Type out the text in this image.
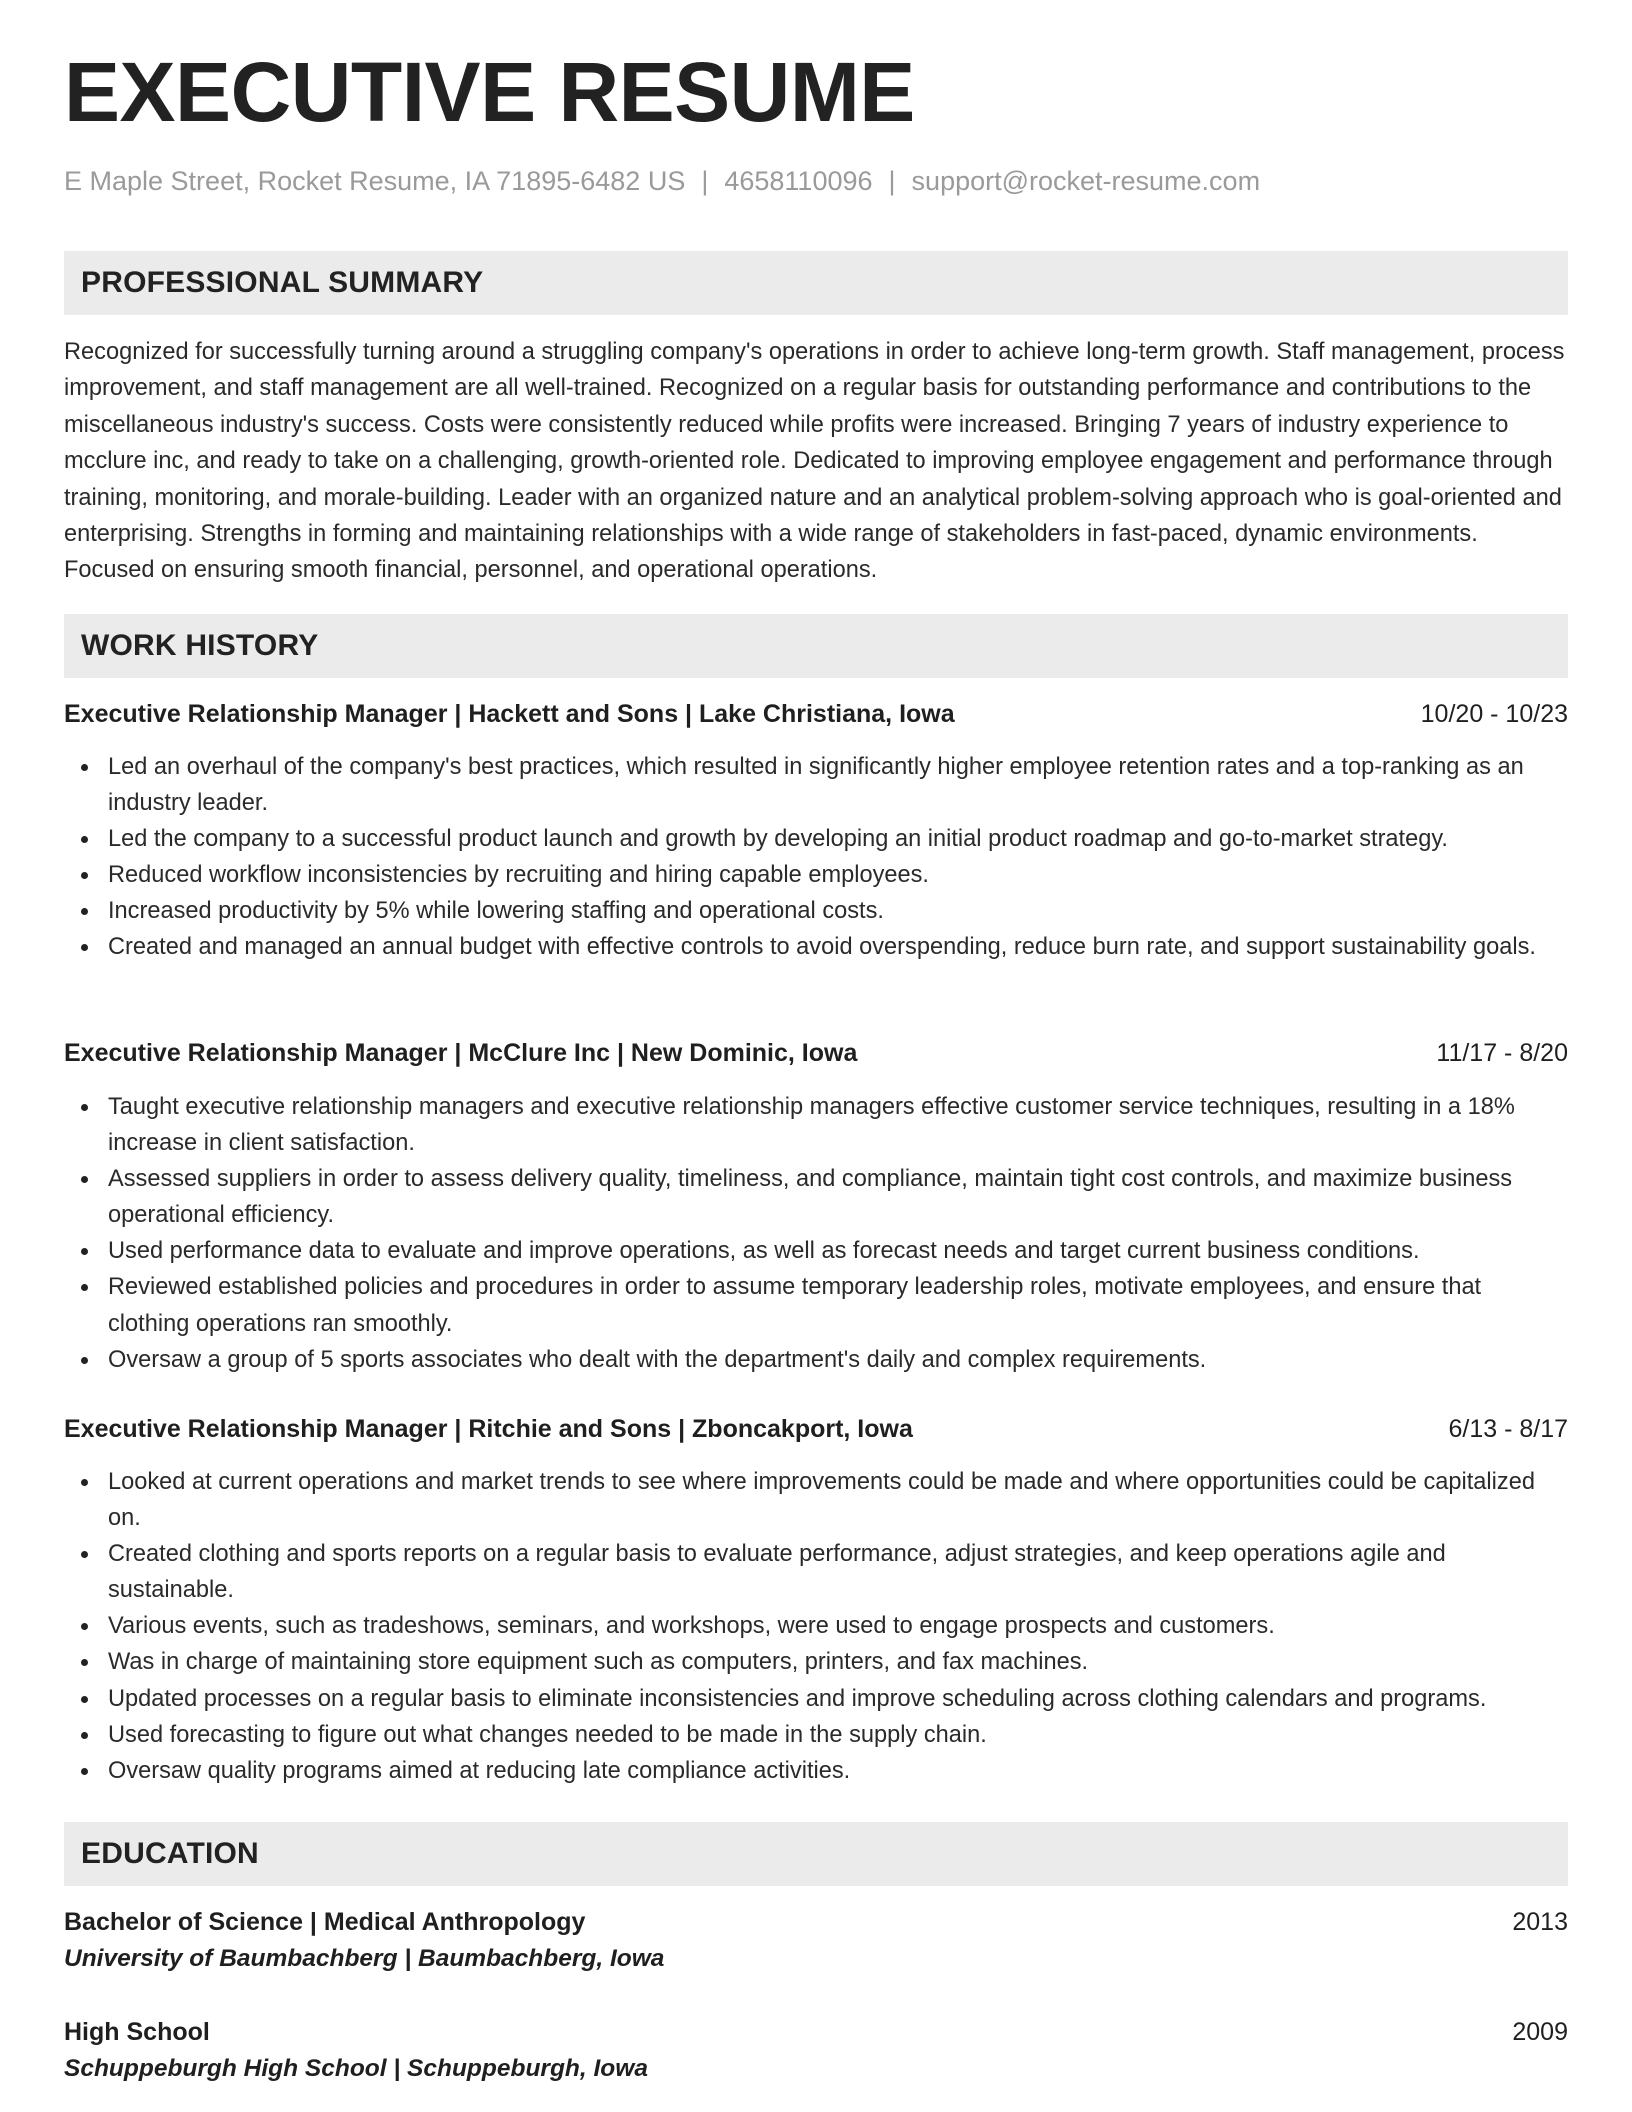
EXECUTIVE RESUME
E Maple Street, Rocket Resume, IA 71895-6482 US | 4658110096 | support@rocket-resume.com
PROFESSIONAL SUMMARY

Recognized for successfully turning around a struggling company's operations in order to achieve long-term growth. Staff management, process improvement, and staff management are all well-trained. Recognized on a regular basis for outstanding performance and contributions to the miscellaneous industry's success. Costs were consistently reduced while profits were increased. Bringing 7 years of industry experience to mcclure inc, and ready to take on a challenging, growth-oriented role. Dedicated to improving employee engagement and performance through training, monitoring, and morale-building. Leader with an organized nature and an analytical problem-solving approach who is goal-oriented and enterprising. Strengths in forming and maintaining relationships with a wide range of stakeholders in fast-paced, dynamic environments. Focused on ensuring smooth financial, personnel, and operational operations.

WORK HISTORY
Executive Relationship Manager | Hackett and Sons | Lake Christiana, Iowa	10/20 - 10/23
Led an overhaul of the company's best practices, which resulted in significantly higher employee retention rates and a top-ranking as an industry leader.
Led the company to a successful product launch and growth by developing an initial product roadmap and go-to-market strategy.
Reduced workflow inconsistencies by recruiting and hiring capable employees.
Increased productivity by 5% while lowering staffing and operational costs.
Created and managed an annual budget with effective controls to avoid overspending, reduce burn rate, and support sustainability goals.
Executive Relationship Manager | McClure Inc | New Dominic, Iowa	11/17 - 8/20
Taught executive relationship managers and executive relationship managers effective customer service techniques, resulting in a 18% increase in client satisfaction.
Assessed suppliers in order to assess delivery quality, timeliness, and compliance, maintain tight cost controls, and maximize business operational efficiency.
Used performance data to evaluate and improve operations, as well as forecast needs and target current business conditions.
Reviewed established policies and procedures in order to assume temporary leadership roles, motivate employees, and ensure that clothing operations ran smoothly.
Oversaw a group of 5 sports associates who dealt with the department's daily and complex requirements.
Executive Relationship Manager | Ritchie and Sons | Zboncakport, Iowa	6/13 - 8/17
Looked at current operations and market trends to see where improvements could be made and where opportunities could be capitalized on.
Created clothing and sports reports on a regular basis to evaluate performance, adjust strategies, and keep operations agile and sustainable.
Various events, such as tradeshows, seminars, and workshops, were used to engage prospects and customers.
Was in charge of maintaining store equipment such as computers, printers, and fax machines.
Updated processes on a regular basis to eliminate inconsistencies and improve scheduling across clothing calendars and programs.
Used forecasting to figure out what changes needed to be made in the supply chain.
Oversaw quality programs aimed at reducing late compliance activities.
EDUCATION
Bachelor of Science | Medical Anthropology	2013
University of Baumbachberg | Baumbachberg, Iowa
High School	2009
Schuppeburgh High School | Schuppeburgh, Iowa
